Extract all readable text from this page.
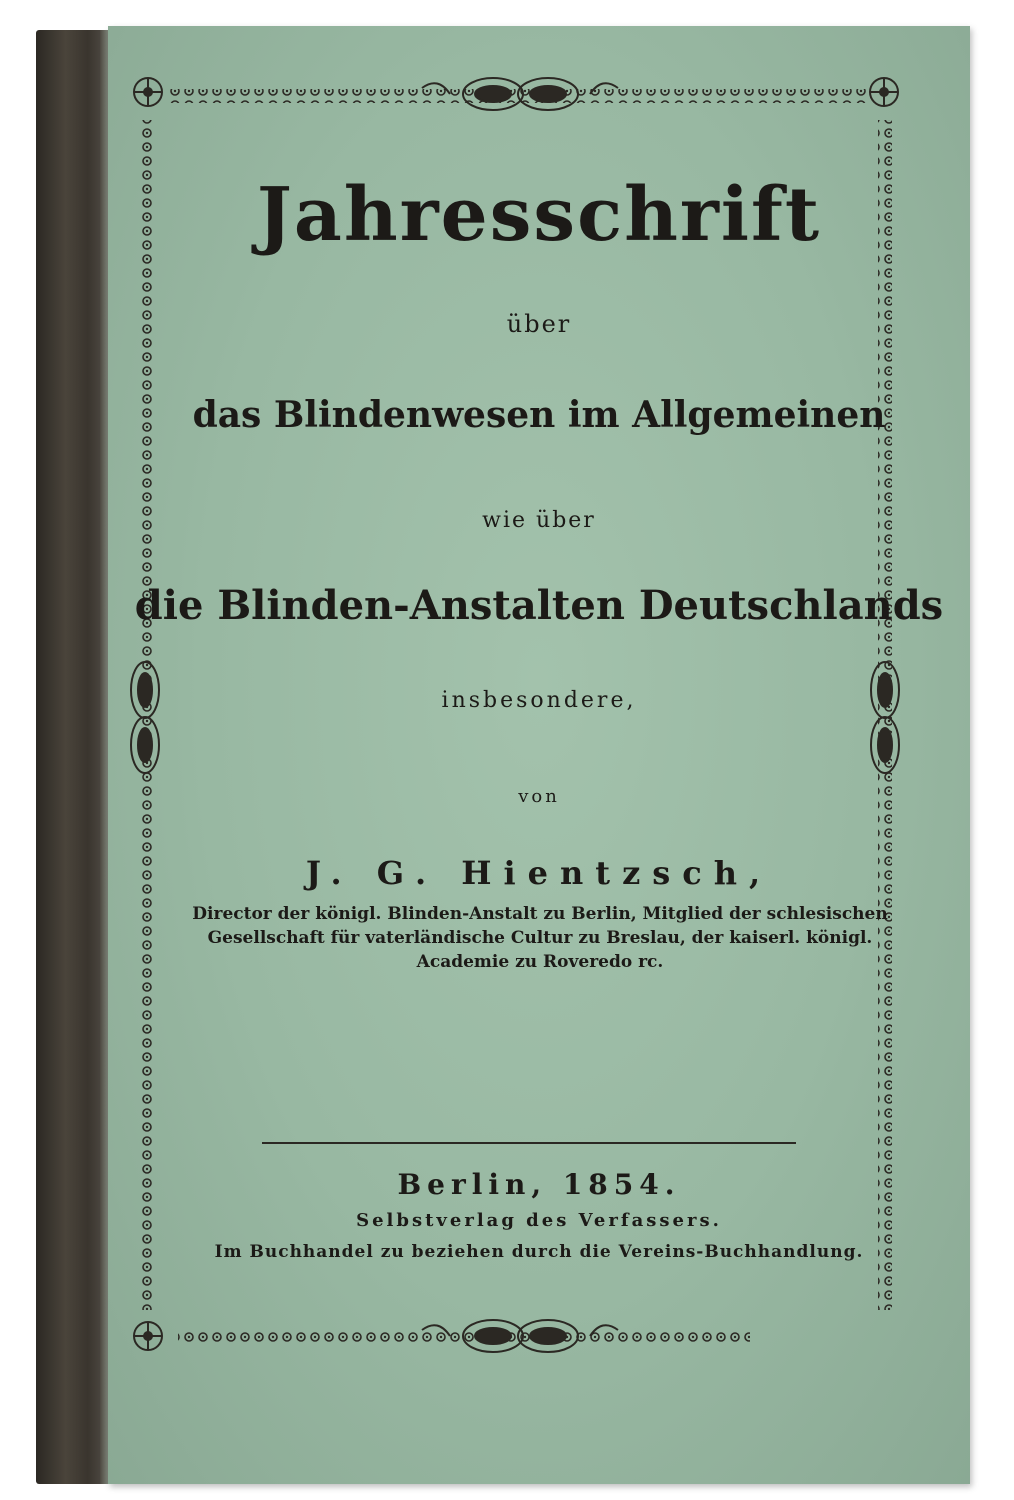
Jahresschrift
über
das Blindenwesen im Allgemeinen
wie über
die Blinden-Anstalten Deutschlands
insbesondere,
von
J. G. Hientzsch,
Director der königl. Blinden-Anstalt zu Berlin, Mitglied der schlesischen Gesellschaft für vaterländische Cultur zu Breslau, der kaiserl. königl. Academie zu Roveredo rc.
Berlin, 1854.
Selbstverlag des Verfassers.
Im Buchhandel zu beziehen durch die Vereins-Buchhandlung.
